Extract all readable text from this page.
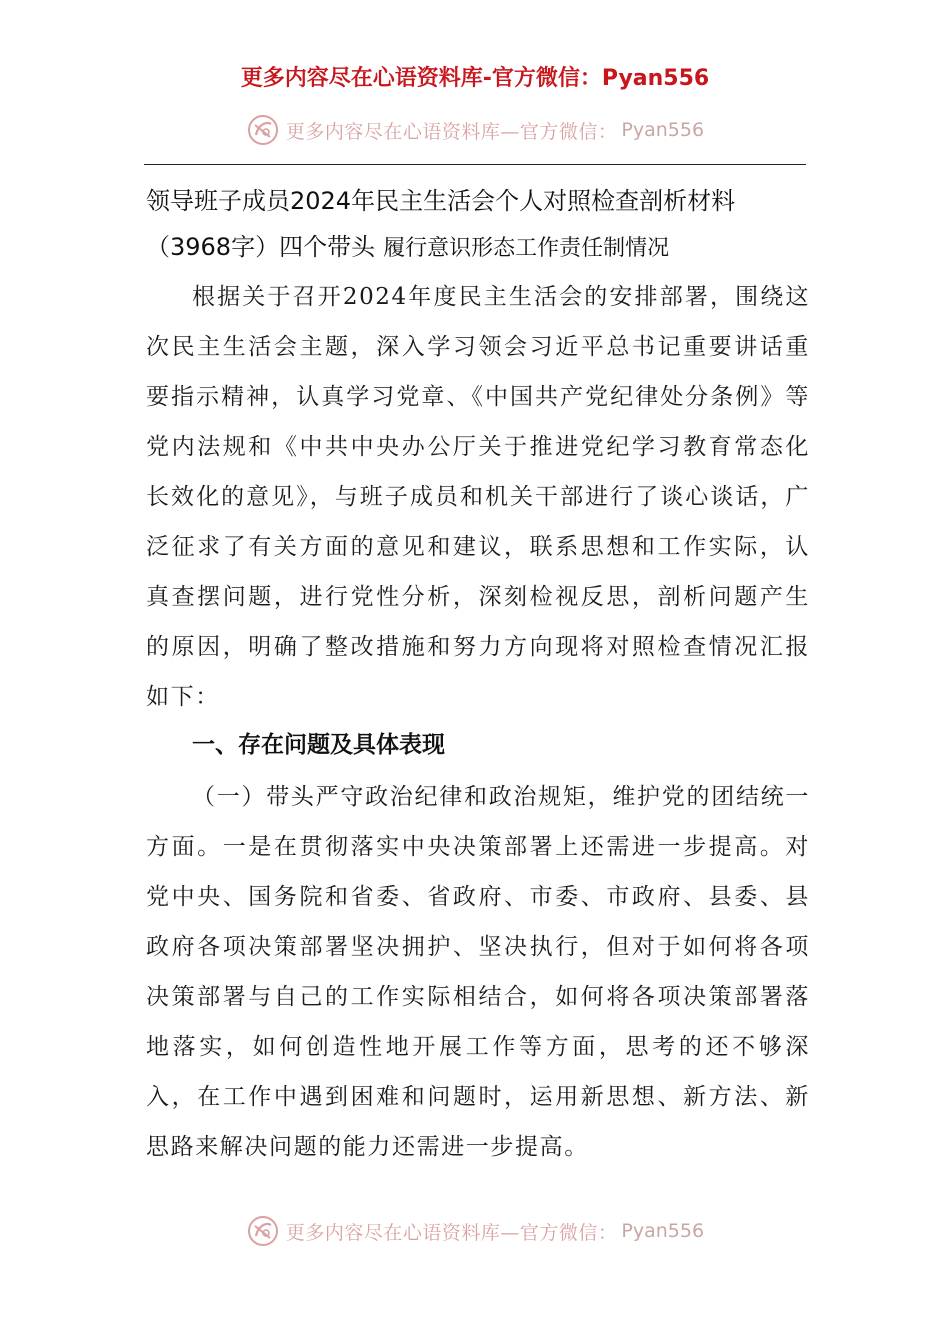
更多内容尽在心语资料库-官方微信：Pyan556
更多内容尽在心语资料库—官方微信： Pyan556
领导班子成员2024年民主生活会个人对照检查剖析材料
（3968字）四个带头 履行意识形态工作责任制情况

根据关于召开2024年度民主生活会的安排部署，围绕这次民主生活会主题，深入学习领会习近平总书记重要讲话重要指示精神，认真学习党章、《中国共产党纪律处分条例》等党内法规和《中共中央办公厅关于推进党纪学习教育常态化长效化的意见》，与班子成员和机关干部进行了谈心谈话，广泛征求了有关方面的意见和建议，联系思想和工作实际，认真查摆问题，进行党性分析，深刻检视反思，剖析问题产生的原因，明确了整改措施和努力方向现将对照检查情况汇报如下：

一、存在问题及具体表现

（一）带头严守政治纪律和政治规矩，维护党的团结统一方面。一是在贯彻落实中央决策部署上还需进一步提高。对党中央、国务院和省委、省政府、市委、市政府、县委、县政府各项决策部署坚决拥护、坚决执行，但对于如何将各项决策部署与自己的工作实际相结合，如何将各项决策部署落地落实，如何创造性地开展工作等方面，思考的还不够深入，在工作中遇到困难和问题时，运用新思想、新方法、新思路来解决问题的能力还需进一步提高。

更多内容尽在心语资料库—官方微信： Pyan556
